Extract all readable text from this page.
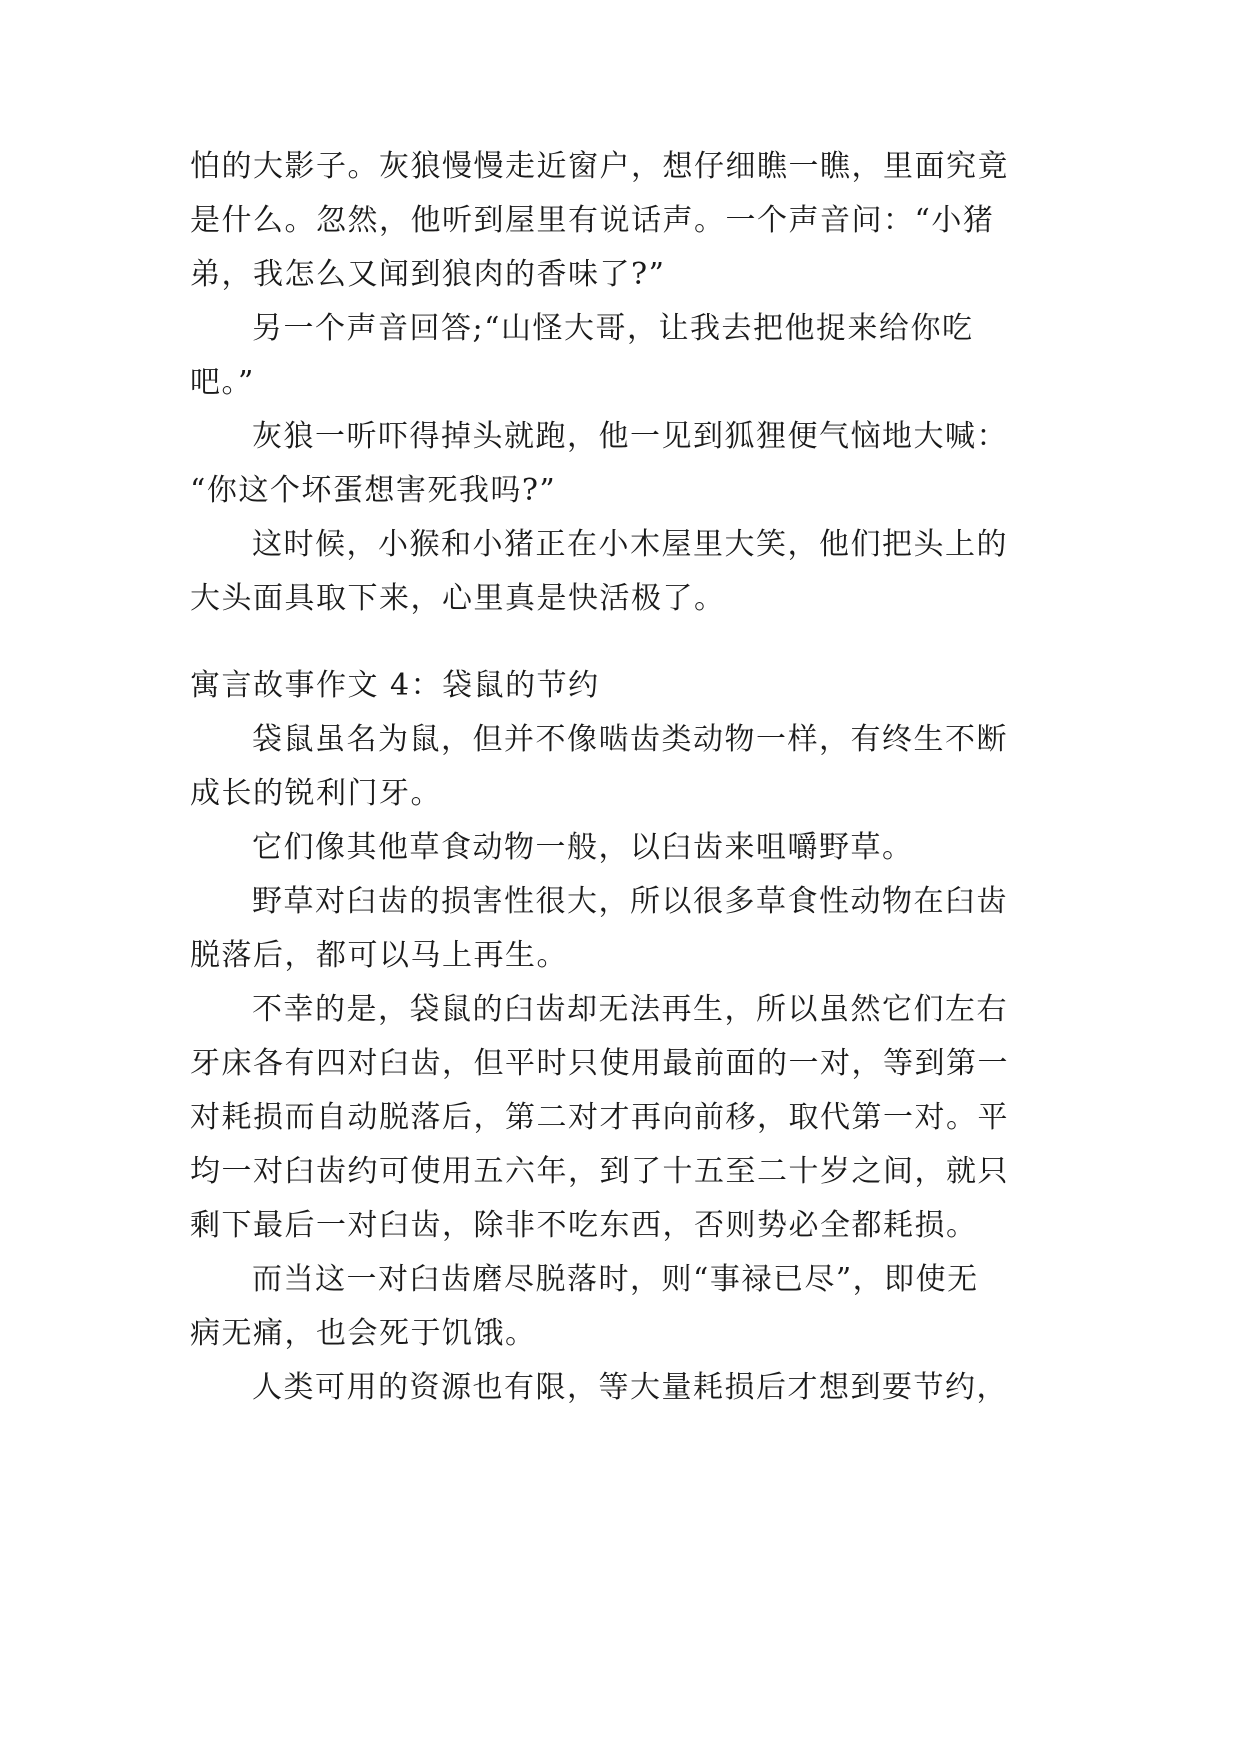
怕的大影子。灰狼慢慢走近窗户，想仔细瞧一瞧，里面究竟
是什么。忽然，他听到屋里有说话声。一个声音问：“小猪
弟，我怎么又闻到狼肉的香味了?”
另一个声音回答;“山怪大哥，让我去把他捉来给你吃
吧。”
灰狼一听吓得掉头就跑，他一见到狐狸便气恼地大喊：
“你这个坏蛋想害死我吗?”
这时候，小猴和小猪正在小木屋里大笑，他们把头上的
大头面具取下来，心里真是快活极了。
寓言故事作文 4：袋鼠的节约
袋鼠虽名为鼠，但并不像啮齿类动物一样，有终生不断
成长的锐利门牙。
它们像其他草食动物一般，以臼齿来咀嚼野草。
野草对臼齿的损害性很大，所以很多草食性动物在臼齿
脱落后，都可以马上再生。
不幸的是，袋鼠的臼齿却无法再生，所以虽然它们左右
牙床各有四对臼齿，但平时只使用最前面的一对，等到第一
对耗损而自动脱落后，第二对才再向前移，取代第一对。平
均一对臼齿约可使用五六年，到了十五至二十岁之间，就只
剩下最后一对臼齿，除非不吃东西，否则势必全都耗损。
而当这一对臼齿磨尽脱落时，则“事禄已尽”，即使无
病无痛，也会死于饥饿。
人类可用的资源也有限，等大量耗损后才想到要节约，
